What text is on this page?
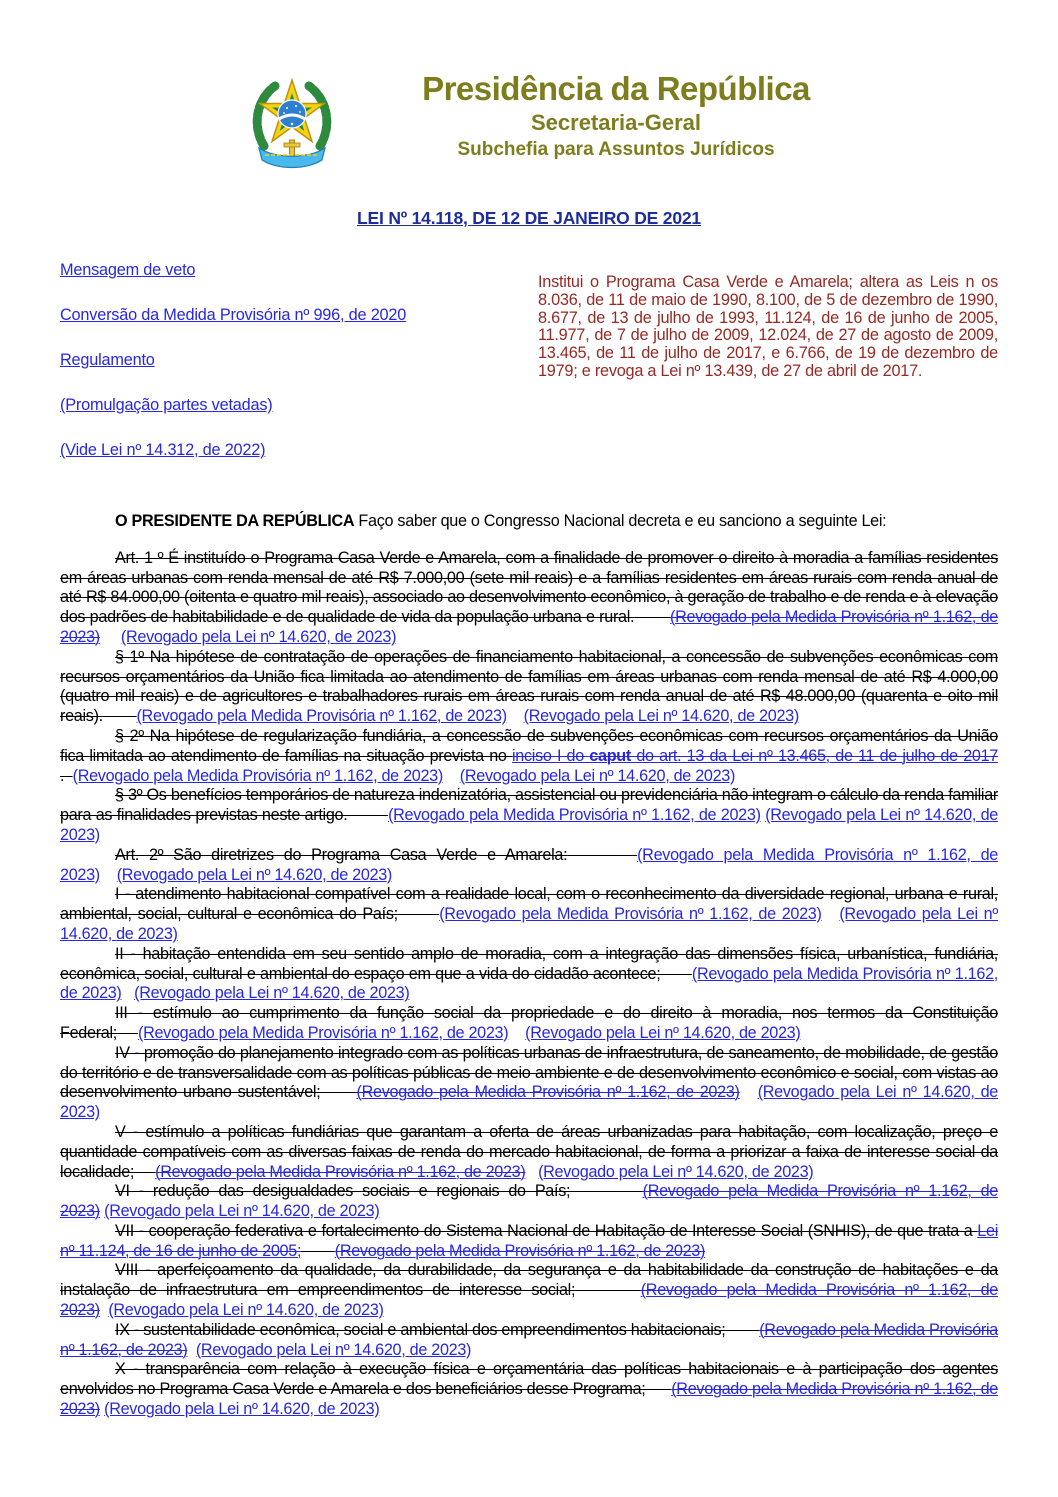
Presidência da República
Secretaria-Geral
Subchefia para Assuntos Jurídicos
LEI Nº 14.118, DE 12 DE JANEIRO DE 2021

Mensagem de veto

Conversão da Medida Provisória nº 996, de 2020

Regulamento

(Promulgação partes vetadas)

(Vide Lei nº 14.312, de 2022)

Institui o Programa Casa Verde e Amarela; altera as Leis n os 8.036, de 11 de maio de 1990, 8.100, de 5 de dezembro de 1990, 8.677, de 13 de julho de 1993, 11.124, de 16 de junho de 2005, 11.977, de 7 de julho de 2009, 12.024, de 27 de agosto de 2009, 13.465, de 11 de julho de 2017, e 6.766, de 19 de dezembro de 1979; e revoga a Lei nº 13.439, de 27 de abril de 2017.

O PRESIDENTE DA REPÚBLICA Faço saber que o Congresso Nacional decreta e eu sanciono a seguinte Lei:

Art. 1 º É instituído o Programa Casa Verde e Amarela, com a finalidade de promover o direito à moradia a famílias residentes em áreas urbanas com renda mensal de até R$ 7.000,00 (sete mil reais) e a famílias residentes em áreas rurais com renda anual de até R$ 84.000,00 (oitenta e quatro mil reais), associado ao desenvolvimento econômico, à geração de trabalho e de renda e à elevação dos padrões de habitabilidade e de qualidade de vida da população urbana e rural. (Revogado pela Medida Provisória nº 1.162, de 2023) (Revogado pela Lei nº 14.620, de 2023)

§ 1º Na hipótese de contratação de operações de financiamento habitacional, a concessão de subvenções econômicas com recursos orçamentários da União fica limitada ao atendimento de famílias em áreas urbanas com renda mensal de até R$ 4.000,00 (quatro mil reais) e de agricultores e trabalhadores rurais em áreas rurais com renda anual de até R$ 48.000,00 (quarenta e oito mil reais). (Revogado pela Medida Provisória nº 1.162, de 2023) (Revogado pela Lei nº 14.620, de 2023)

§ 2º Na hipótese de regularização fundiária, a concessão de subvenções econômicas com recursos orçamentários da União fica limitada ao atendimento de famílias na situação prevista no inciso I do caput do art. 13 da Lei nº 13.465, de 11 de julho de 2017 . (Revogado pela Medida Provisória nº 1.162, de 2023) (Revogado pela Lei nº 14.620, de 2023)

§ 3º Os benefícios temporários de natureza indenizatória, assistencial ou previdenciária não integram o cálculo da renda familiar para as finalidades previstas neste artigo.	(Revogado pela Medida Provisória nº 1.162, de 2023) (Revogado pela Lei nº 14.620, de 2023)

Art. 2º São diretrizes do Programa Casa Verde e Amarela:	(Revogado pela Medida Provisória nº 1.162, de 2023) (Revogado pela Lei nº 14.620, de 2023)

I - atendimento habitacional compatível com a realidade local, com o reconhecimento da diversidade regional, urbana e rural, ambiental, social, cultural e econômica do País;	(Revogado pela Medida Provisória nº 1.162, de 2023) (Revogado pela Lei nº 14.620, de 2023)

II - habitação entendida em seu sentido amplo de moradia, com a integração das dimensões física, urbanística, fundiária, econômica, social, cultural e ambiental do espaço em que a vida do cidadão acontece; (Revogado pela Medida Provisória nº 1.162, de 2023) (Revogado pela Lei nº 14.620, de 2023)

III - estímulo ao cumprimento da função social da propriedade e do direito à moradia, nos termos da Constituição Federal; (Revogado pela Medida Provisória nº 1.162, de 2023) (Revogado pela Lei nº 14.620, de 2023)

IV - promoção do planejamento integrado com as políticas urbanas de infraestrutura, de saneamento, de mobilidade, de gestão do território e de transversalidade com as políticas públicas de meio ambiente e de desenvolvimento econômico e social, com vistas ao desenvolvimento urbano sustentável; (Revogado pela Medida Provisória nº 1.162, de 2023) (Revogado pela Lei nº 14.620, de 2023)

V - estímulo a políticas fundiárias que garantam a oferta de áreas urbanizadas para habitação, com localização, preço e quantidade compatíveis com as diversas faixas de renda do mercado habitacional, de forma a priorizar a faixa de interesse social da localidade; (Revogado pela Medida Provisória nº 1.162, de 2023) (Revogado pela Lei nº 14.620, de 2023)

VI - redução das desigualdades sociais e regionais do País;	(Revogado pela Medida Provisória nº 1.162, de 2023) (Revogado pela Lei nº 14.620, de 2023)

VII - cooperação federativa e fortalecimento do Sistema Nacional de Habitação de Interesse Social (SNHIS), de que trata a Lei nº 11.124, de 16 de junho de 2005; (Revogado pela Medida Provisória nº 1.162, de 2023)

VIII - aperfeiçoamento da qualidade, da durabilidade, da segurança e da habitabilidade da construção de habitações e da instalação de infraestrutura em empreendimentos de interesse social;	(Revogado pela Medida Provisória nº 1.162, de 2023) (Revogado pela Lei nº 14.620, de 2023)

IX - sustentabilidade econômica, social e ambiental dos empreendimentos habitacionais; (Revogado pela Medida Provisória nº 1.162, de 2023) (Revogado pela Lei nº 14.620, de 2023)

X - transparência com relação à execução física e orçamentária das políticas habitacionais e à participação dos agentes envolvidos no Programa Casa Verde e Amarela e dos beneficiários desse Programa; (Revogado pela Medida Provisória nº 1.162, de 2023) (Revogado pela Lei nº 14.620, de 2023)
